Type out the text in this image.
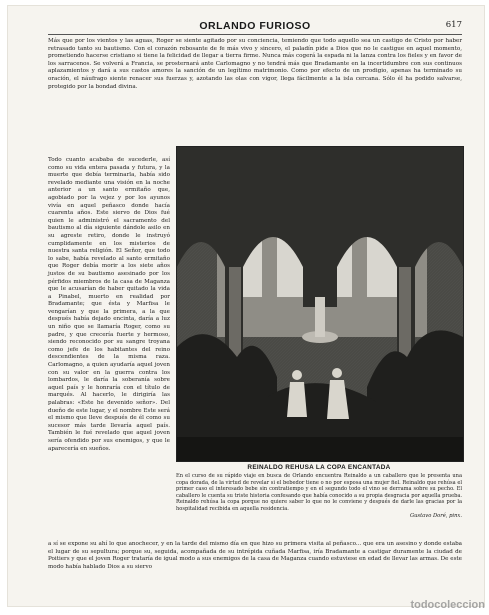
ORLANDO FURIOSO	617

Más que por los vientos y las aguas, Roger se siente agitado por su conciencia, temiendo que todo aquello sea un castigo de Cristo por haber retrasado tanto su bautismo. Con el corazón rebosante de fe más vivo y sincero, el paladín pide a Dios que no le castigue en aquel momento, prometiendo hacerse cristiano si tiene la felicidad de llegar a tierra firme. Nunca más cogerá la espada ni la lanza contra los fieles y en favor de los sarracenos. Se volverá a Francia, se prosternará ante Carlomagno y no tendrá más que Bradamante en la incertidumbre con sus continuos aplazamientos y dará a sus castos amores la sanción de un legítimo matrimonio. Como por efecto de un prodigio, apenas ha terminado su oración, el náufrago siente renacer sus fuerzas y, azotando las olas con vigor, llega fácilmente a la isla cercana. Sólo él ha podido salvarse, protegido por la bondad divina.

Todo cuanto acababa de sucederle, así como su vida entera pasada y futura, y la muerte que debía terminarla, había sido revelado mediante una visión en la noche anterior a un santo ermitaño que, agobiado por la vejez y por los ayunos vivía en aquel peñasco donde hacía cuarenta años. Este siervo de Dios fué quien le administró el sacramento del bautismo al día siguiente dándole asilo en su agreste retiro, donde le instruyó cumplidamente en los misterios de nuestra santa religión. El Señor, que todo lo sabe, había revelado al santo ermitaño que Roger debía morir a los siete años justos de su bautismo asesinado por los pérfidos miembros de la casa de Maganza que le acusarían de haber quitado la vida a Pinabel, muerto en realidad por Bradamante; que ésta y Marfisa le vengarían y que la primera, a la que después había dejado encinta, daría a luz un niño que se llamaría Roger, como su padre, y que crecería fuerte y hermoso, siendo reconocido por su sangre troyana como jefe de los habitantes del reino descendientes de la misma raza. Carlomagno, a quien ayudaría aquel joven con su valor en la guerra contra los lombardos, le daría la soberanía sobre aquel país y le honraría con el título de marqués. Al hacerlo, le dirigiría las palabras: «Este he devenido señor». Del dueño de este lugar, y el nombre Este será el mismo que lleve después de él como su sucesor más tarde llevaría aquel país. También le fué revelado que aquel joven sería ofendido por sus enemigos, y que le aparecería en sueños.

REINALDO REHUSA LA COPA ENCANTADA
En el curso de su rápido viaje en busca de Orlando encuentra Reinaldo a un caballero que le presenta una copa dorada, de la virtud de revelar si el bebedor tiene o no por esposa una mujer fiel. Reinaldo que rehúsa el primer caso el interesado bebe sin contratiempo y en el segundo todo el vino se derrama sobre su pecho. El caballero le cuenta su triste historia confesando que había conocido a su propia desgracia por aquella prueba. Reinaldo rehúsa la copa porque no quiere saber lo que no le conviene y después de darle las gracias por la hospitalidad recibida en aquella residencia.
Gustavo Doré, pinx.

a sí se expone su ahí lo que anochecer, y en la tarde del mismo día en que hizo su primera visita al peñasco... que era un asesino y donde estaba el lugar de su sepultura; porque su, seguida, acompañada de su intrépida cuñada Marfisa, iría Bradamante a castigar duramente la ciudad de Poitiers y que el joven Roger trataría de igual modo a sus enemigos de la casa de Maganza cuando estuviese en edad de llevar las armas. De este modo había hablado Dios a su siervo

todocoleccion
